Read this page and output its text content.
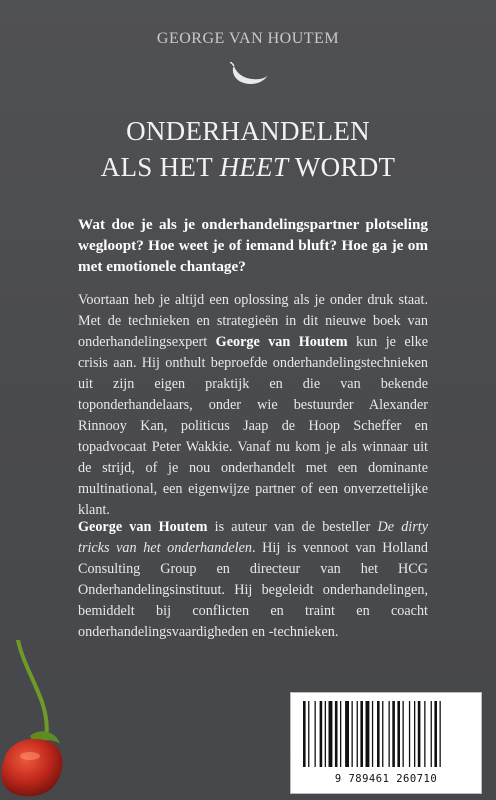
GEORGE VAN HOUTEM
ONDERHANDELEN
ALS HET HEET WORDT

Wat doe je als je onderhandelingspartner plotseling wegloopt? Hoe weet je of iemand bluft? Hoe ga je om met emotionele chantage?

Voortaan heb je altijd een oplossing als je onder druk staat. Met de technieken en strategieën in dit nieuwe boek van onderhandelingsexpert George van Houtem kun je elke crisis aan. Hij onthult beproefde onderhandelingstechnieken uit zijn eigen praktijk en die van bekende toponderhandelaars, onder wie bestuurder Alexander Rinnooy Kan, politicus Jaap de Hoop Scheffer en topadvocaat Peter Wakkie. Vanaf nu kom je als winnaar uit de strijd, of je nou onderhandelt met een dominante multinational, een eigenwijze partner of een onverzettelijke klant.

George van Houtem is auteur van de besteller De dirty tricks van het onderhandelen. Hij is vennoot van Holland Consulting Group en directeur van het HCG Onderhandelingsinstituut. Hij begeleidt onderhandelingen, bemiddelt bij conflicten en traint en coacht onderhandelingsvaardigheden en -technieken.

9 789461 260710
